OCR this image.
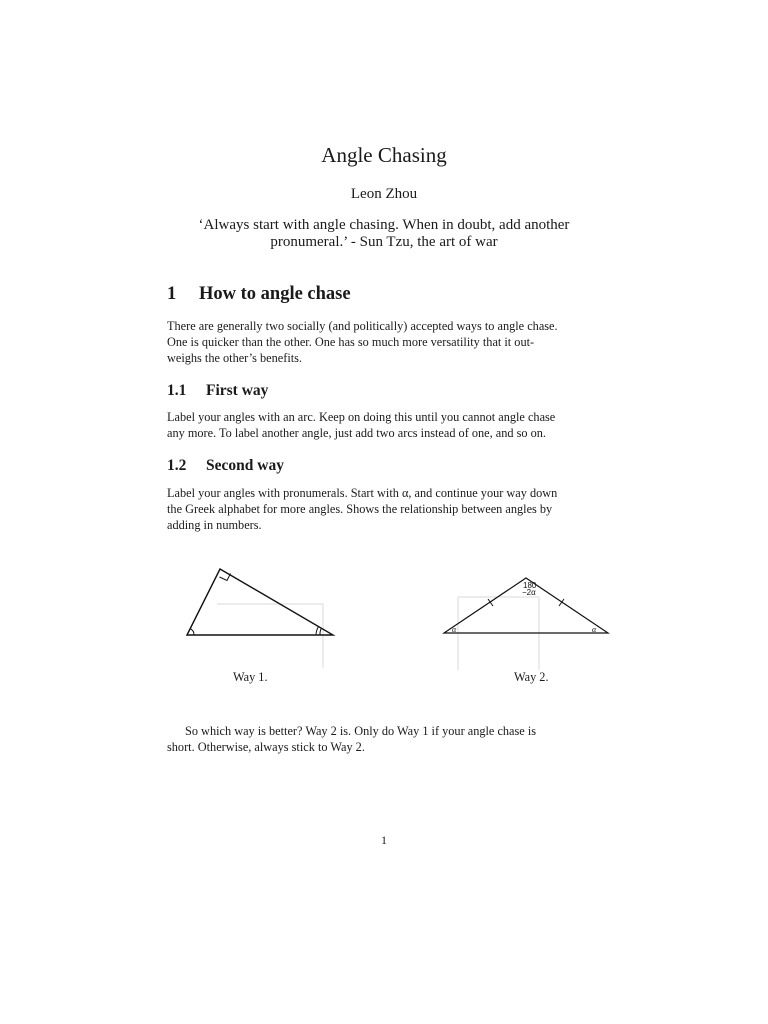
Angle Chasing
Leon Zhou
‘Always start with angle chasing. When in doubt, add another
pronumeral.’ - Sun Tzu, the art of war
1 How to angle chase
There are generally two socially (and politically) accepted ways to angle chase.
One is quicker than the other. One has so much more versatility that it out-
weighs the other’s benefits.
1.1 First way
Label your angles with an arc. Keep on doing this until you cannot angle chase
any more. To label another angle, just add two arcs instead of one, and so on.
1.2 Second way
Label your angles with pronumerals. Start with α, and continue your way down
the Greek alphabet for more angles. Shows the relationship between angles by
adding in numbers.
Way 1.
180
−2α
α	α
Way 2.
So which way is better? Way 2 is. Only do Way 1 if your angle chase is
short. Otherwise, always stick to Way 2.
1
